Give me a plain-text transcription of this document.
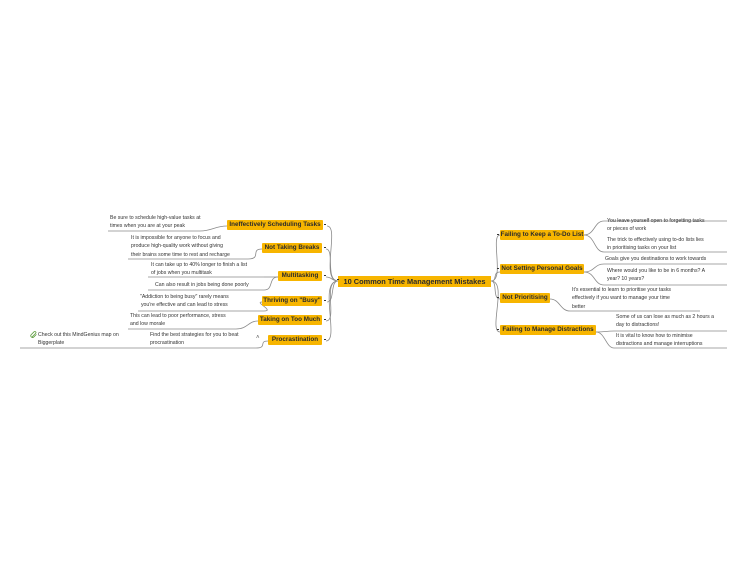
10 Common Time Management Mistakes
Ineffectively Scheduling Tasks
Not Taking Breaks
Multitasking
Thriving on "Busy"
Taking on Too Much
Procrastination
Be sure to schedule high-value tasks at
times when you are at your peak
It is impossible for anyone to focus and
produce high-quality work without giving
their brains some time to rest and recharge
It can take up to 40% longer to finish a list
of jobs when you multitask
Can also result in jobs being done poorly
"Addiction to being busy" rarely means
you're effective and can lead to stress
This can lead to poor performance, stress
and low morale
Find the best strategies for you to beat
procrastination
˄
Check out this MindGenius map on
Biggerplate
Failing to Keep a To-Do List
Not Setting Personal Goals
Not Prioritising
Failing to Manage Distractions
You leave yourself open to forgetting tasks
or pieces of work
The trick to effectively using to-do lists lies
in prioritising tasks on your list
Goals give you destinations to work towards
Where would you like to be in 6 months? A
year? 10 years?
It's essential to learn to prioritise your tasks
effectively if you want to manage your time
better
Some of us can lose as much as 2 hours a
day to distractions!
It is vital to know how to minimise
distractions and manage interruptions
